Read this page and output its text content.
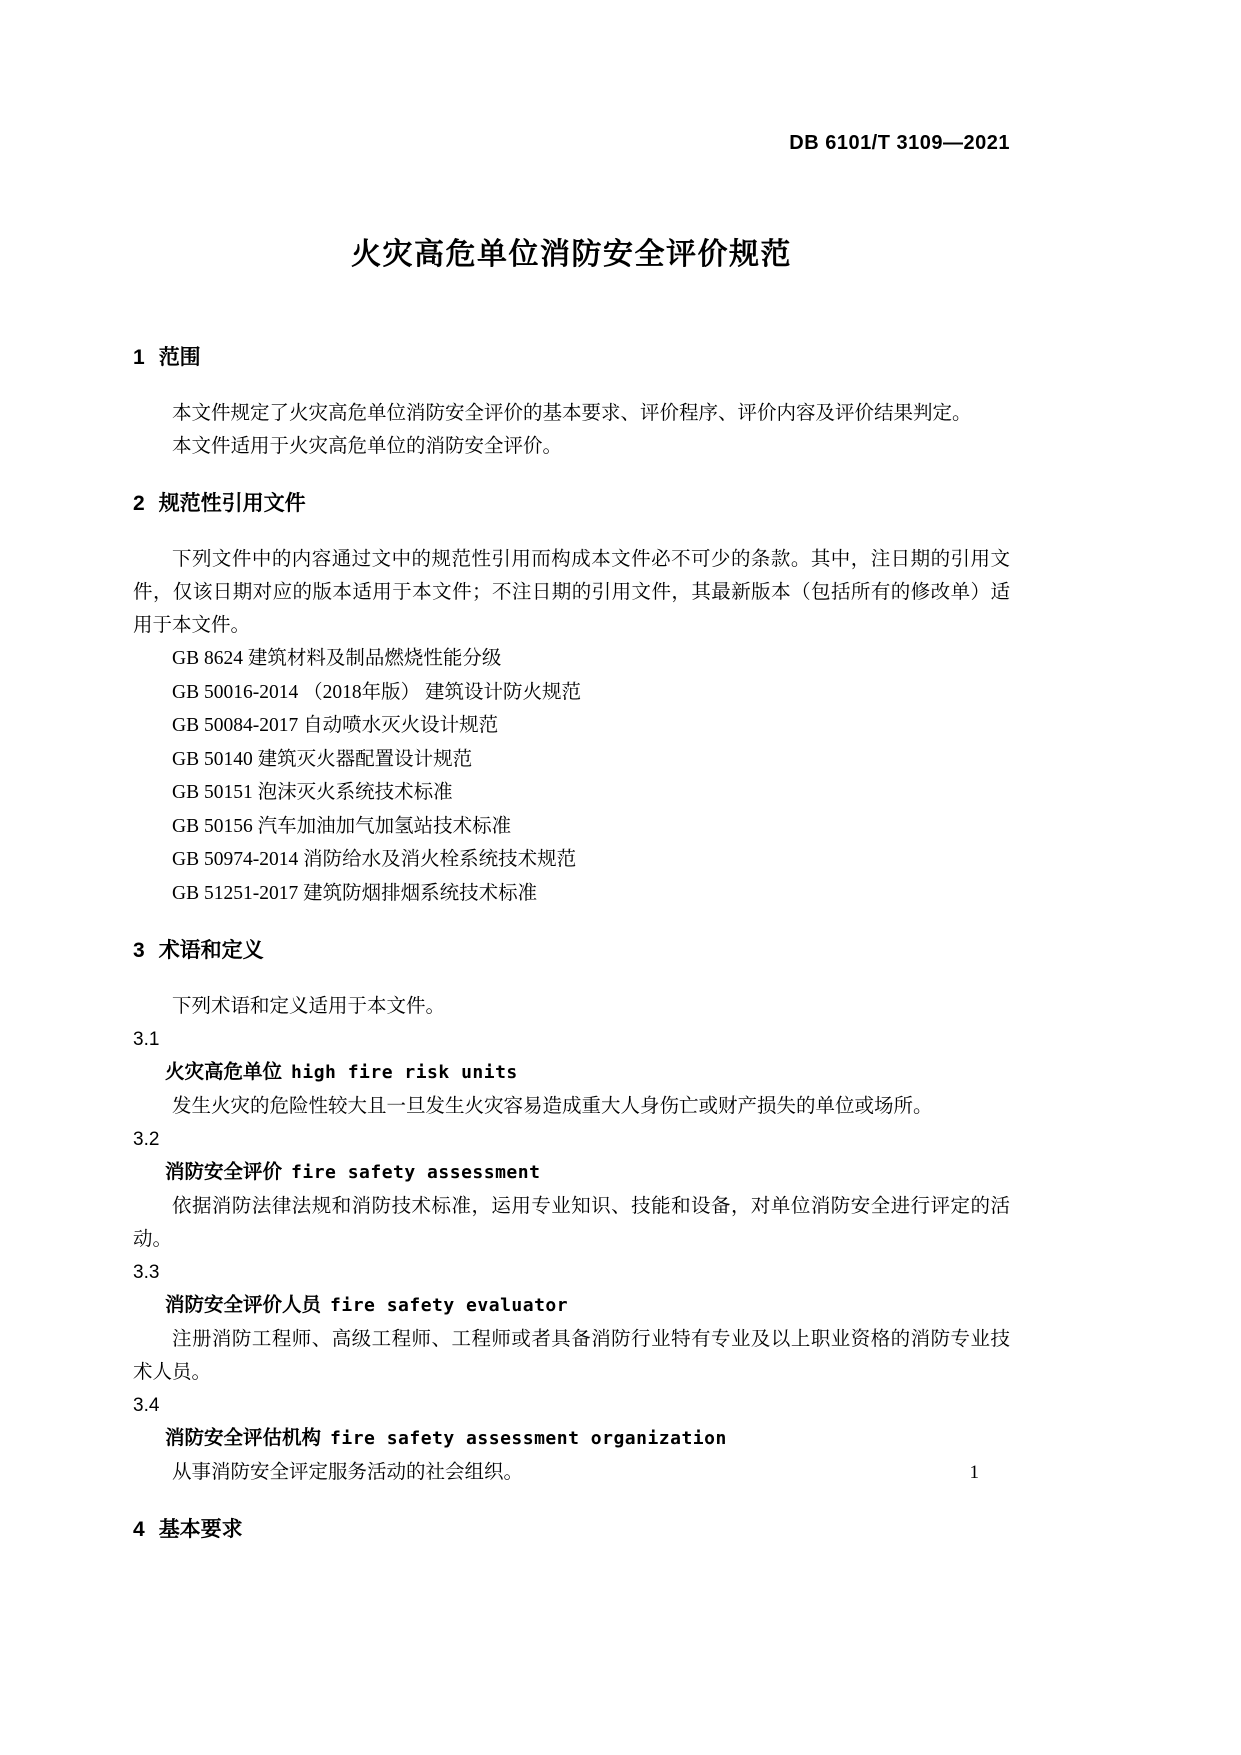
DB 6101/T 3109—2021
火灾高危单位消防安全评价规范
1 范围

本文件规定了火灾高危单位消防安全评价的基本要求、评价程序、评价内容及评价结果判定。

本文件适用于火灾高危单位的消防安全评价。

2 规范性引用文件

下列文件中的内容通过文中的规范性引用而构成本文件必不可少的条款。其中，注日期的引用文件，仅该日期对应的版本适用于本文件；不注日期的引用文件，其最新版本（包括所有的修改单）适用于本文件。

GB 8624 建筑材料及制品燃烧性能分级
GB 50016-2014 （2018年版） 建筑设计防火规范
GB 50084-2017 自动喷水灭火设计规范
GB 50140 建筑灭火器配置设计规范
GB 50151 泡沫灭火系统技术标准
GB 50156 汽车加油加气加氢站技术标准
GB 50974-2014 消防给水及消火栓系统技术规范
GB 51251-2017 建筑防烟排烟系统技术标准
3 术语和定义

下列术语和定义适用于本文件。

3.1
火灾高危单位 high fire risk units

发生火灾的危险性较大且一旦发生火灾容易造成重大人身伤亡或财产损失的单位或场所。

3.2
消防安全评价 fire safety assessment

依据消防法律法规和消防技术标准，运用专业知识、技能和设备，对单位消防安全进行评定的活动。

3.3
消防安全评价人员 fire safety evaluator

注册消防工程师、高级工程师、工程师或者具备消防行业特有专业及以上职业资格的消防专业技术人员。

3.4
消防安全评估机构 fire safety assessment organization

从事消防安全评定服务活动的社会组织。

4 基本要求
1
